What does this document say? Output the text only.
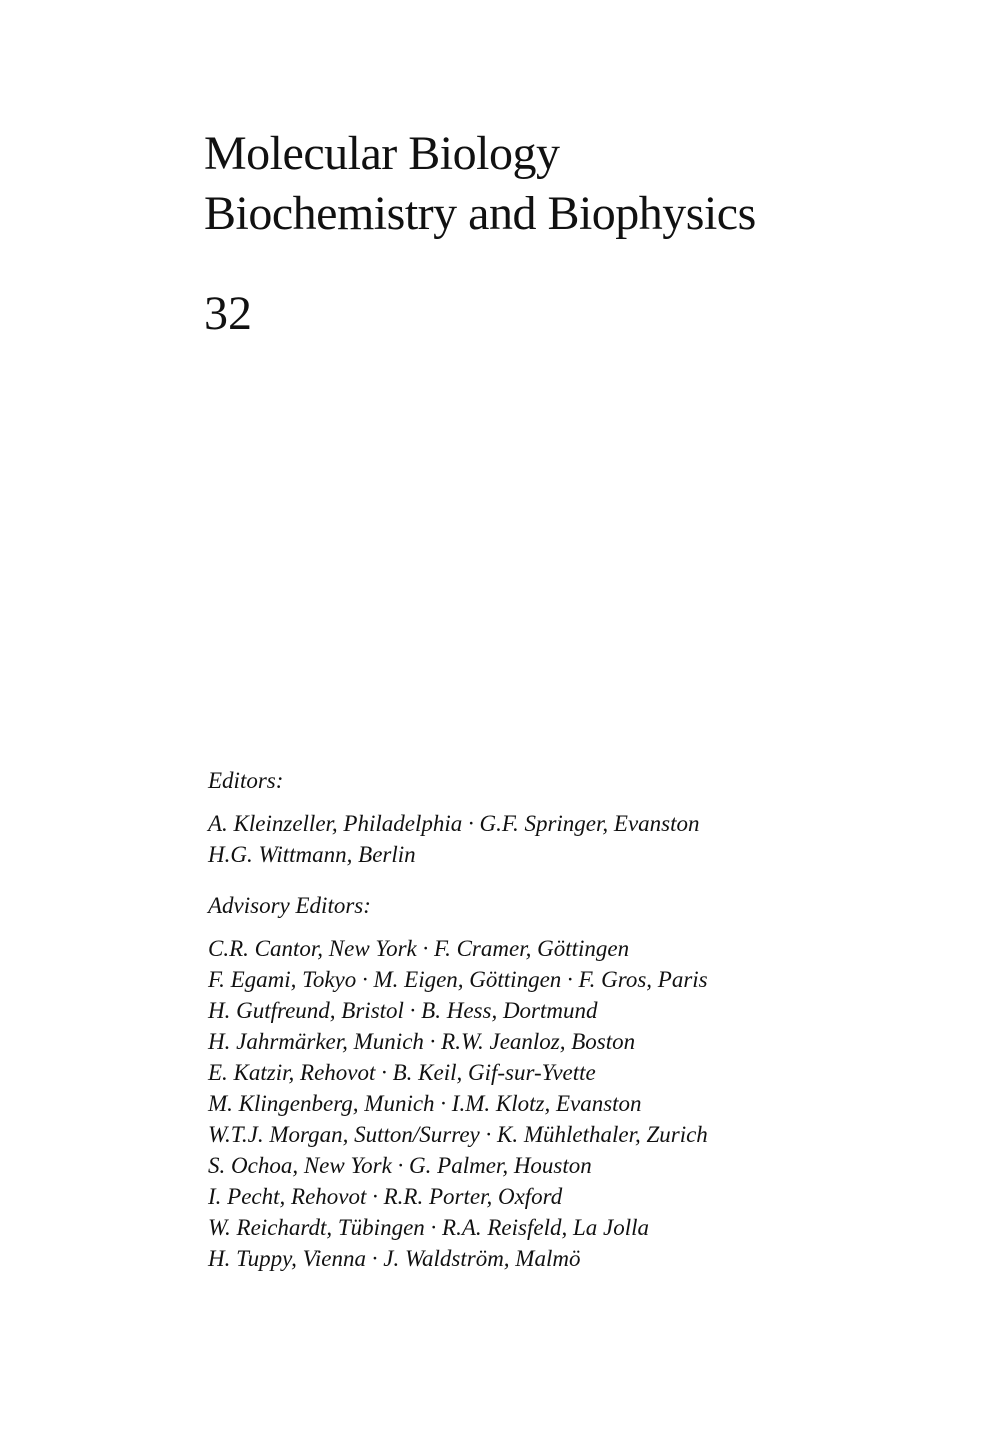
Molecular Biology
Biochemistry and Biophysics
32

Editors:

A. Kleinzeller, Philadelphia · G.F. Springer, Evanston
H.G. Wittmann, Berlin

Advisory Editors:

C.R. Cantor, New York · F. Cramer, Göttingen
F. Egami, Tokyo · M. Eigen, Göttingen · F. Gros, Paris
H. Gutfreund, Bristol · B. Hess, Dortmund
H. Jahrmärker, Munich · R.W. Jeanloz, Boston
E. Katzir, Rehovot · B. Keil, Gif-sur-Yvette
M. Klingenberg, Munich · I.M. Klotz, Evanston
W.T.J. Morgan, Sutton/Surrey · K. Mühlethaler, Zurich
S. Ochoa, New York · G. Palmer, Houston
I. Pecht, Rehovot · R.R. Porter, Oxford
W. Reichardt, Tübingen · R.A. Reisfeld, La Jolla
H. Tuppy, Vienna · J. Waldström, Malmö
